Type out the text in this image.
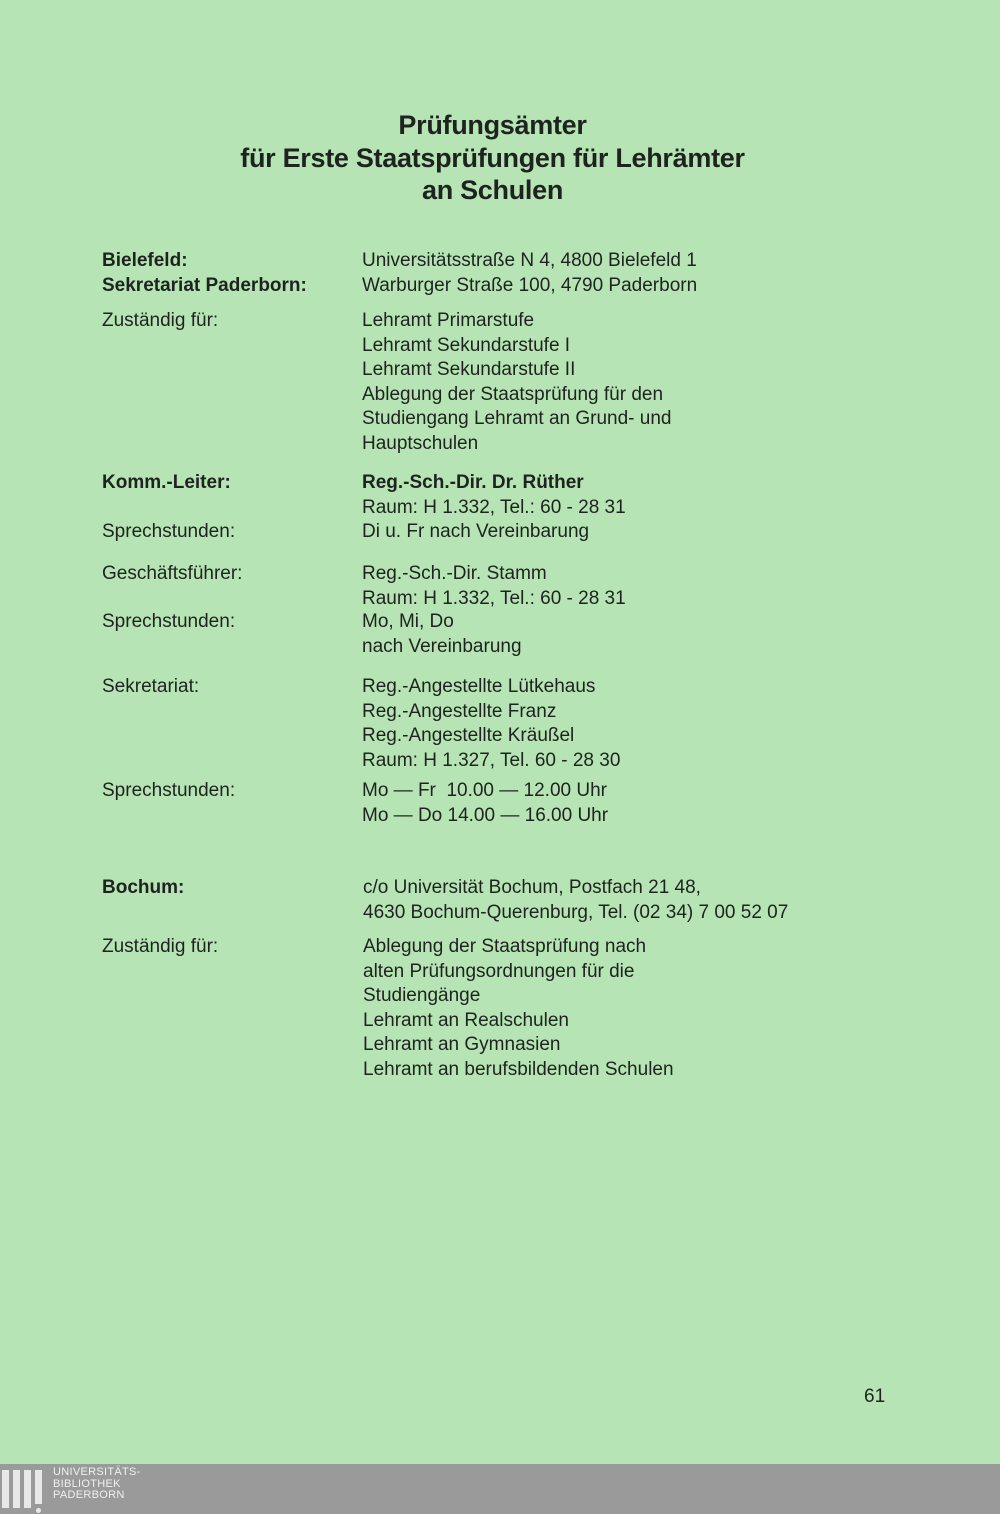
Prüfungsämter
für Erste Staatsprüfungen für Lehrämter
an Schulen
Bielefeld:	Universitätsstraße N 4, 4800 Bielefeld 1
Sekretariat Paderborn:	Warburger Straße 100, 4790 Paderborn
Zuständig für:	Lehramt Primarstufe
Lehramt Sekundarstufe I
Lehramt Sekundarstufe II
Ablegung der Staatsprüfung für den
Studiengang Lehramt an Grund- und
Hauptschulen
Komm.-Leiter:	Reg.-Sch.-Dir. Dr. Rüther
Raum: H 1.332, Tel.: 60 - 28 31
Sprechstunden:	Di u. Fr nach Vereinbarung
Geschäftsführer:	Reg.-Sch.-Dir. Stamm
Raum: H 1.332, Tel.: 60 - 28 31
Sprechstunden:	Mo, Mi, Do
nach Vereinbarung
Sekretariat:	Reg.-Angestellte Lütkehaus
Reg.-Angestellte Franz
Reg.-Angestellte Kräußel
Raum: H 1.327, Tel. 60 - 28 30
Sprechstunden:	Mo — Fr  10.00 — 12.00 Uhr
Mo — Do 14.00 — 16.00 Uhr
Bochum:	c/o Universität Bochum, Postfach 21 48,
4630 Bochum-Querenburg, Tel. (02 34) 7 00 52 07
Zuständig für:	Ablegung der Staatsprüfung nach
alten Prüfungsordnungen für die
Studiengänge
Lehramt an Realschulen
Lehramt an Gymnasien
Lehramt an berufsbildenden Schulen
61
UNIVERSITÄTS-
BIBLIOTHEK
PADERBORN
